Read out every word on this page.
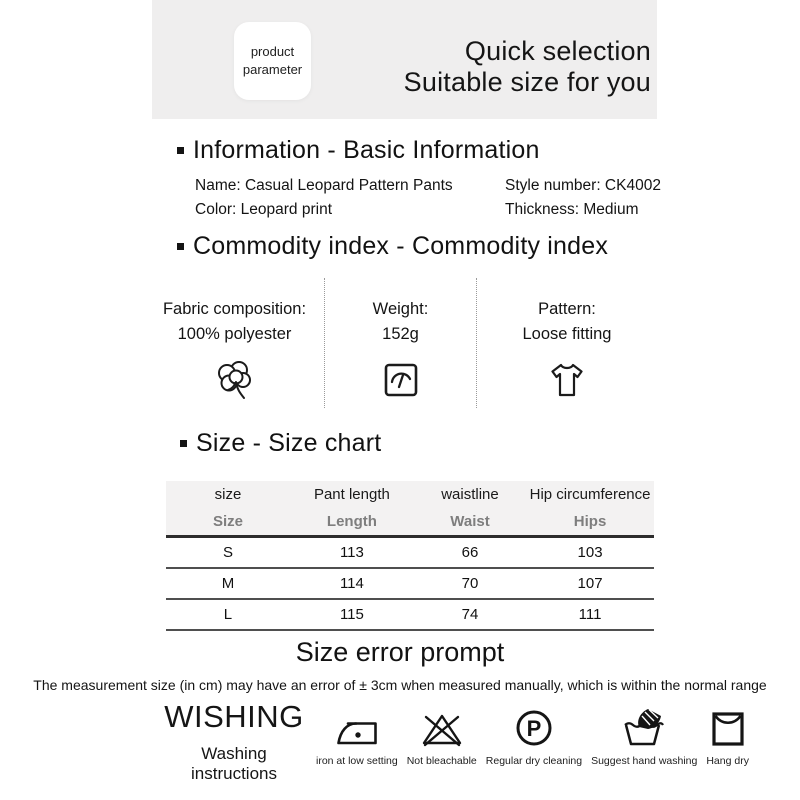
product
parameter
Quick selection
Suitable size for you
Information - Basic Information
Name: Casual Leopard Pattern Pants	Style number: CK4002
Color: Leopard print	Thickness: Medium
Commodity index - Commodity index
Fabric composition:
100% polyester
Weight:
152g
Pattern:
Loose fitting
Size - Size chart
size	Pant length	waistline	Hip circumference
Size	Length	Waist	Hips
S	113	66	103
M	114	70	107
L	115	74	111
Size error prompt
The measurement size (in cm) may have an error of ± 3cm when measured manually, which is within the normal range
WISHING
Washing instructions
iron at low setting Not bleachable
P
Regular dry cleaning Suggest hand washing Hang dry
